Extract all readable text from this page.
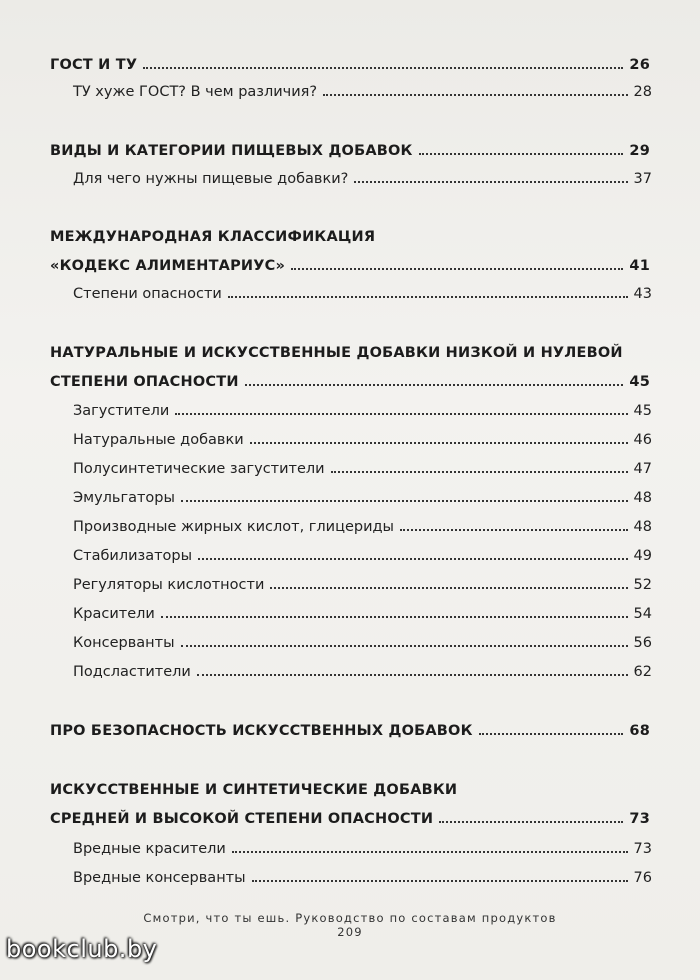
ГОСТ И ТУ	26
ТУ хуже ГОСТ? В чем различия?	28
ВИДЫ И КАТЕГОРИИ ПИЩЕВЫХ ДОБАВОК	29
Для чего нужны пищевые добавки?	37
МЕЖДУНАРОДНАЯ КЛАССИФИКАЦИЯ
«КОДЕКС АЛИМЕНТАРИУС»	41
Степени опасности	43
НАТУРАЛЬНЫЕ И ИСКУССТВЕННЫЕ ДОБАВКИ НИЗКОЙ И НУЛЕВОЙ
СТЕПЕНИ ОПАСНОСТИ	45
Загустители	45
Натуральные добавки	46
Полусинтетические загустители	47
Эмульгаторы	48
Производные жирных кислот, глицериды	48
Стабилизаторы	49
Регуляторы кислотности	52
Красители	54
Консерванты	56
Подсластители	62
ПРО БЕЗОПАСНОСТЬ ИСКУССТВЕННЫХ ДОБАВОК	68
ИСКУССТВЕННЫЕ И СИНТЕТИЧЕСКИЕ ДОБАВКИ
СРЕДНЕЙ И ВЫСОКОЙ СТЕПЕНИ ОПАСНОСТИ	73
Вредные красители	73
Вредные консерванты	76
Смотри, что ты ешь. Руководство по составам продуктов
209
bookclub.by
